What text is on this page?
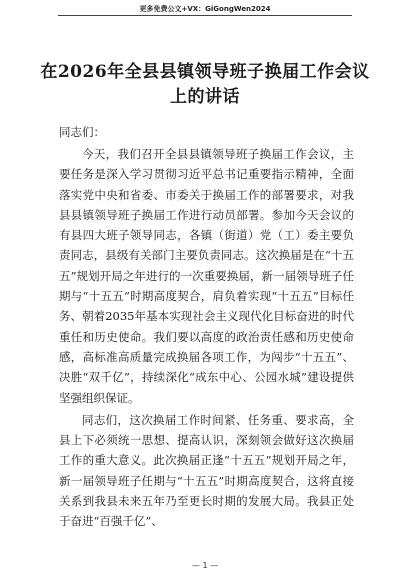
更多免费公文+VX：GiGongWen2024
在2026年全县县镇领导班子换届工作会议上的讲话

同志们：

今天，我们召开全县县镇领导班子换届工作会议，主要任务是深入学习贯彻习近平总书记重要指示精神，全面落实党中央和省委、市委关于换届工作的部署要求，对我县县镇领导班子换届工作进行动员部署。参加今天会议的有县四大班子领导同志，各镇（街道）党（工）委主要负责同志，县级有关部门主要负责同志。这次换届是在“十五五”规划开局之年进行的一次重要换届，新一届领导班子任期与“十五五”时期高度契合，肩负着实现“十五五”目标任务、朝着2035年基本实现社会主义现代化目标奋进的时代重任和历史使命。我们要以高度的政治责任感和历史使命感，高标准高质量完成换届各项工作，为闯步“十五五”、决胜“双千亿”，持续深化“成东中心、公园水城”建设提供坚强组织保证。

同志们，这次换届工作时间紧、任务重、要求高，全县上下必须统一思想、提高认识，深刻领会做好这次换届工作的重大意义。此次换届正逢“十五五”规划开局之年，新一届领导班子任期与“十五五”时期高度契合，这将直接关系到我县未来五年乃至更长时期的发展大局。我县正处于奋进“百强千亿”、

— 1 —
